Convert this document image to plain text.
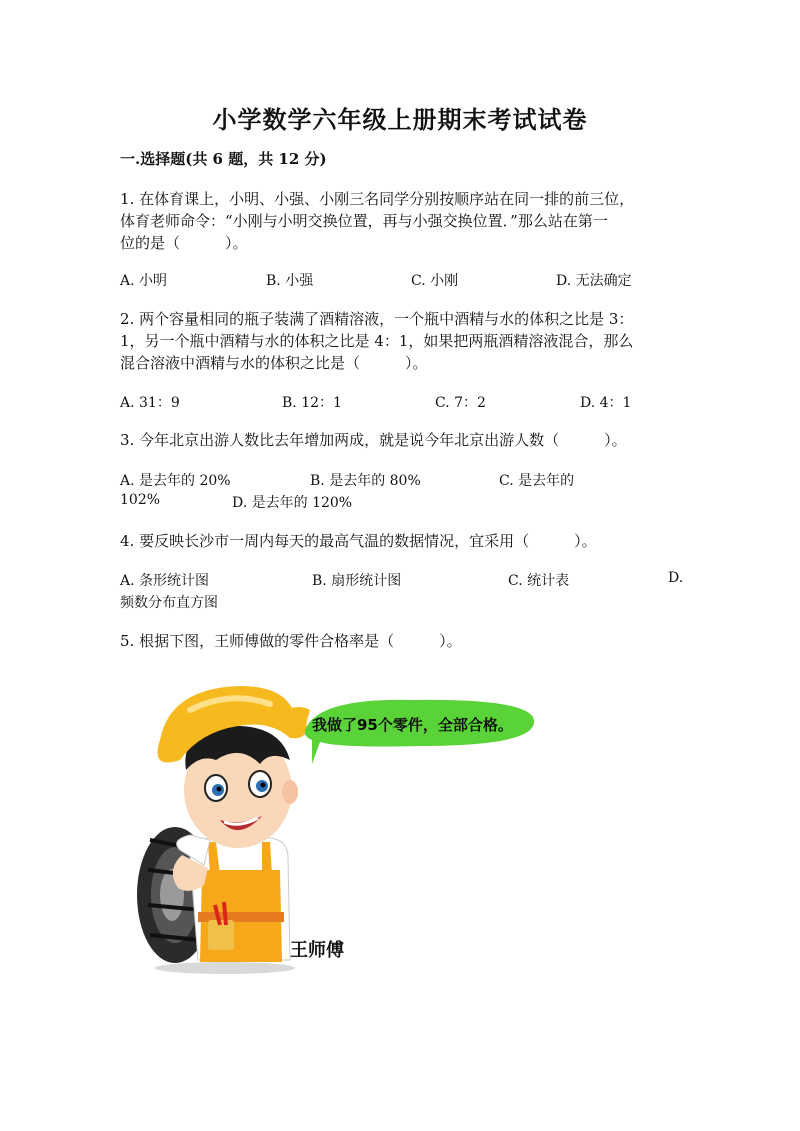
小学数学六年级上册期末考试试卷
一.选择题(共 6 题，共 12 分)
1. 在体育课上，小明、小强、小刚三名同学分别按顺序站在同一排的前三位，
体育老师命令：“小刚与小明交换位置，再与小强交换位置．”那么站在第一
位的是（　　　）。
A. 小明	B. 小强	C. 小刚	D. 无法确定
2. 两个容量相同的瓶子装满了酒精溶液，一个瓶中酒精与水的体积之比是 3：
1，另一个瓶中酒精与水的体积之比是 4：1，如果把两瓶酒精溶液混合，那么
混合溶液中酒精与水的体积之比是（　　　）。
A. 31：9	B. 12：1	C. 7：2	D. 4：1
3. 今年北京出游人数比去年增加两成，就是说今年北京出游人数（　　　）。
A. 是去年的 20%	B. 是去年的 80%	C. 是去年的
102%	D. 是去年的 120%
4. 要反映长沙市一周内每天的最高气温的数据情况，宜采用（　　　）。
A. 条形统计图	B. 扇形统计图	C. 统计表	D.
频数分布直方图
5. 根据下图，王师傅做的零件合格率是（　　　）。
我做了95个零件，全部合格。
王师傅
